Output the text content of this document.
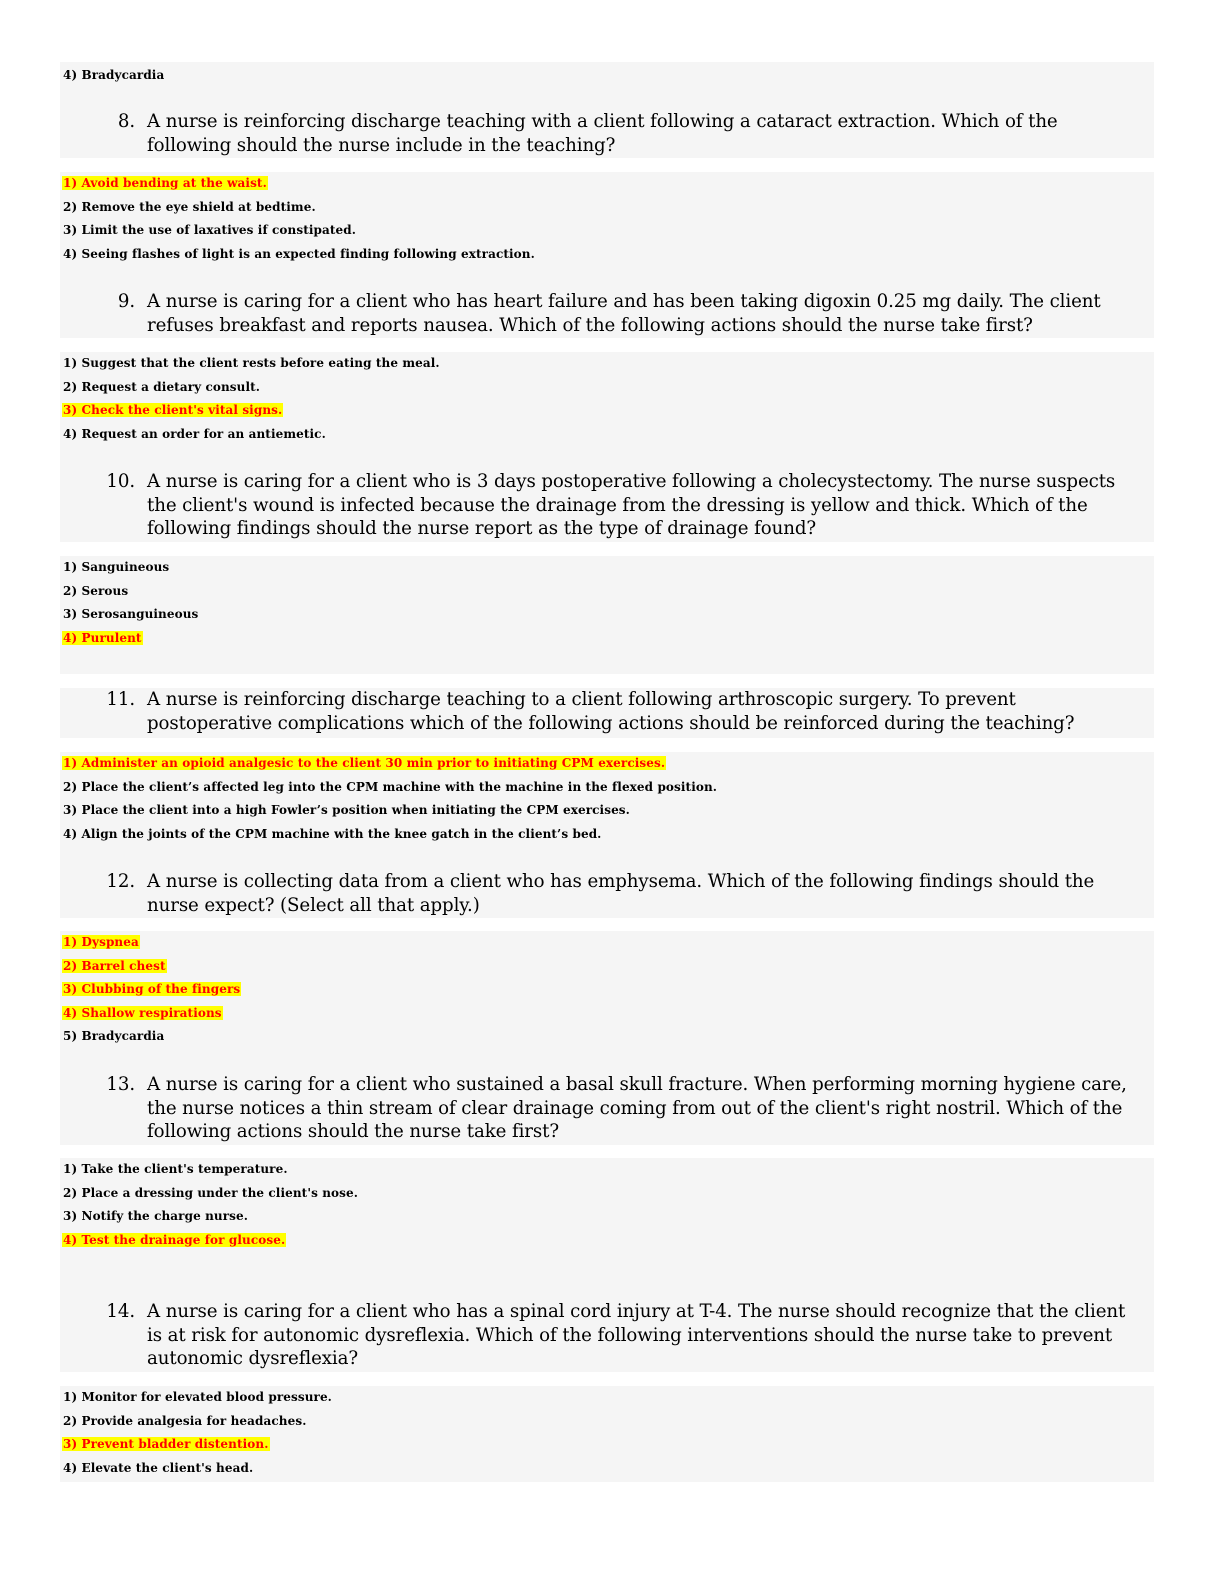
4) Bradycardia
8. A nurse is reinforcing discharge teaching with a client following a cataract extraction. Which of the following should the nurse include in the teaching?
1) Avoid bending at the waist.
2) Remove the eye shield at bedtime.
3) Limit the use of laxatives if constipated.
4) Seeing flashes of light is an expected finding following extraction.
9. A nurse is caring for a client who has heart failure and has been taking digoxin 0.25 mg daily. The client refuses breakfast and reports nausea. Which of the following actions should the nurse take first?
1) Suggest that the client rests before eating the meal.
2) Request a dietary consult.
3) Check the client's vital signs.
4) Request an order for an antiemetic.
10. A nurse is caring for a client who is 3 days postoperative following a cholecystectomy. The nurse suspects the client's wound is infected because the drainage from the dressing is yellow and thick. Which of the following findings should the nurse report as the type of drainage found?
1) Sanguineous
2) Serous
3) Serosanguineous
4) Purulent
11. A nurse is reinforcing discharge teaching to a client following arthroscopic surgery. To prevent postoperative complications which of the following actions should be reinforced during the teaching?
1) Administer an opioid analgesic to the client 30 min prior to initiating CPM exercises.
2) Place the client’s affected leg into the CPM machine with the machine in the flexed position.
3) Place the client into a high Fowler’s position when initiating the CPM exercises.
4) Align the joints of the CPM machine with the knee gatch in the client’s bed.
12. A nurse is collecting data from a client who has emphysema. Which of the following findings should the nurse expect? (Select all that apply.)
1) Dyspnea
2) Barrel chest
3) Clubbing of the fingers
4) Shallow respirations
5) Bradycardia
13. A nurse is caring for a client who sustained a basal skull fracture. When performing morning hygiene care, the nurse notices a thin stream of clear drainage coming from out of the client's right nostril. Which of the following actions should the nurse take first?
1) Take the client's temperature.
2) Place a dressing under the client's nose.
3) Notify the charge nurse.
4) Test the drainage for glucose.
14. A nurse is caring for a client who has a spinal cord injury at T-4. The nurse should recognize that the client is at risk for autonomic dysreflexia. Which of the following interventions should the nurse take to prevent autonomic dysreflexia?
1) Monitor for elevated blood pressure.
2) Provide analgesia for headaches.
3) Prevent bladder distention.
4) Elevate the client's head.
